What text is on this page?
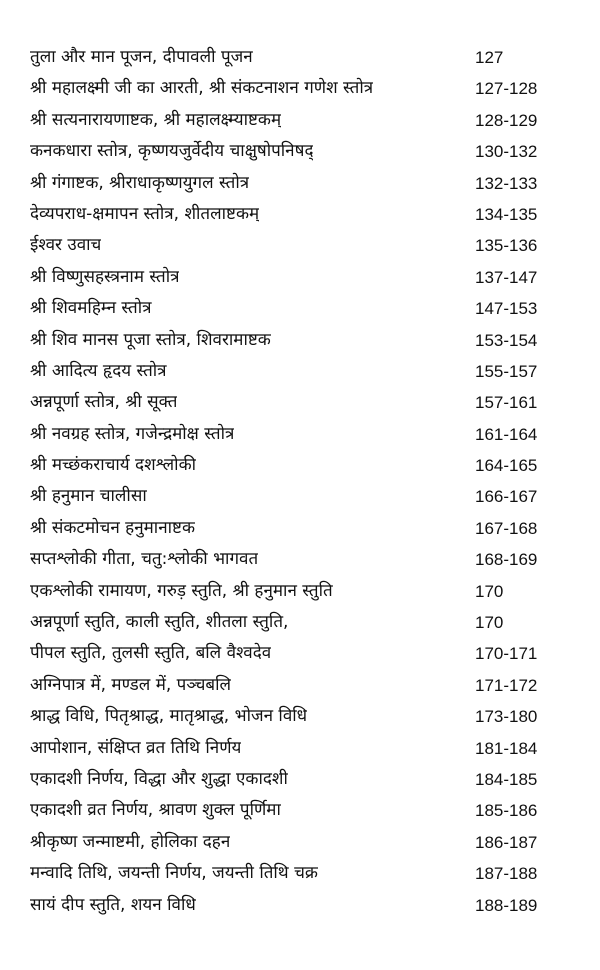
तुला और मान पूजन, दीपावली पूजन	127
श्री महालक्ष्मी जी का आरती, श्री संकटनाशन गणेश स्तोत्र	127-128
श्री सत्यनारायणाष्टक, श्री महालक्ष्म्याष्टकम्	128-129
कनकधारा स्तोत्र, कृष्णयजुर्वेदीय चाक्षुषोपनिषद्	130-132
श्री गंगाष्टक, श्रीराधाकृष्णयुगल स्तोत्र	132-133
देव्यपराध-क्षमापन स्तोत्र, शीतलाष्टकम्	134-135
ईश्वर उवाच	135-136
श्री विष्णुसहस्त्रनाम स्तोत्र	137-147
श्री शिवमहिम्न स्तोत्र	147-153
श्री शिव मानस पूजा स्तोत्र, शिवरामाष्टक	153-154
श्री आदित्य हृदय स्तोत्र	155-157
अन्नपूर्णा स्तोत्र, श्री सूक्त	157-161
श्री नवग्रह स्तोत्र, गजेन्द्रमोक्ष स्तोत्र	161-164
श्री मच्छंकराचार्य दशश्लोकी	164-165
श्री हनुमान चालीसा	166-167
श्री संकटमोचन हनुमानाष्टक	167-168
सप्तश्लोकी गीता, चतु:श्लोकी भागवत	168-169
एकश्लोकी रामायण, गरुड़ स्तुति, श्री हनुमान स्तुति	170
अन्नपूर्णा स्तुति, काली स्तुति, शीतला स्तुति,	170
पीपल स्तुति, तुलसी स्तुति, बलि वैश्वदेव	170-171
अग्निपात्र में, मण्डल में, पञ्चबलि	171-172
श्राद्ध विधि, पितृश्राद्ध, मातृश्राद्ध, भोजन विधि	173-180
आपोशान, संक्षिप्त व्रत तिथि निर्णय	181-184
एकादशी निर्णय, विद्धा और शुद्धा एकादशी	184-185
एकादशी व्रत निर्णय, श्रावण शुक्ल पूर्णिमा	185-186
श्रीकृष्ण जन्माष्टमी, होलिका दहन	186-187
मन्वादि तिथि, जयन्ती निर्णय, जयन्ती तिथि चक्र	187-188
सायं दीप स्तुति, शयन विधि	188-189
